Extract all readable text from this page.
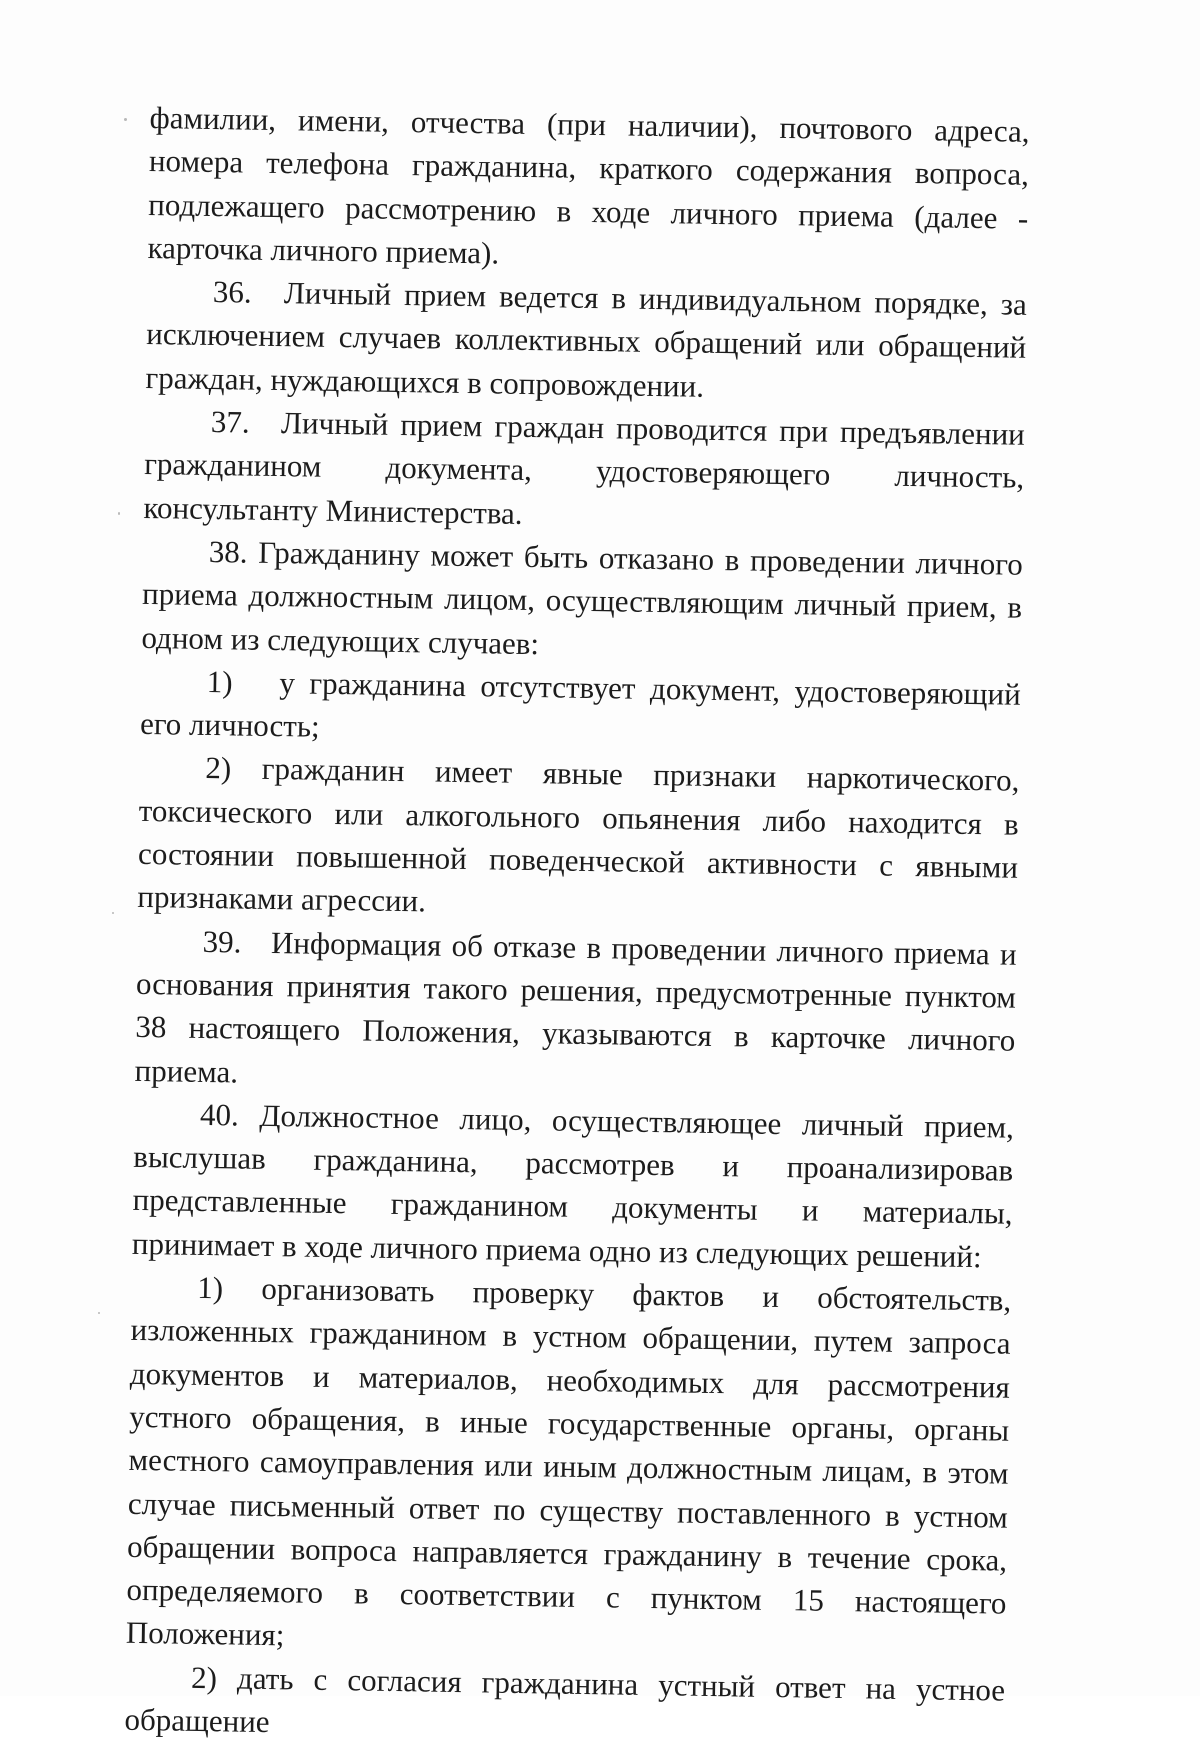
фамилии, имени, отчества (при наличии), почтового адреса, номера телефона гражданина, краткого содержания вопроса, подлежащего рассмотрению в ходе личного приема (далее - карточка личного приема).

36. Личный прием ведется в индивидуальном порядке, за исключением случаев коллективных обращений или обращений граждан, нуждающихся в сопровождении.

37. Личный прием граждан проводится при предъявлении гражданином документа, удостоверяющего личность, консультанту Министерства.

38. Гражданину может быть отказано в проведении личного приема должностным лицом, осуществляющим личный прием, в одном из следующих случаев:

1) у гражданина отсутствует документ, удостоверяющий его личность;

2) гражданин имеет явные признаки наркотического, токсического или алкогольного опьянения либо находится в состоянии повышенной поведенческой активности с явными признаками агрессии.

39. Информация об отказе в проведении личного приема и основания принятия такого решения, предусмотренные пунктом 38 настоящего Положения, указываются в карточке личного приема.

40. Должностное лицо, осуществляющее личный прием, выслушав гражданина, рассмотрев и проанализировав представленные гражданином документы и материалы, принимает в ходе личного приема одно из следующих решений:

1) организовать проверку фактов и обстоятельств, изложенных гражданином в устном обращении, путем запроса документов и материалов, необходимых для рассмотрения устного обращения, в иные государственные органы, органы местного самоуправления или иным должностным лицам, в этом случае письменный ответ по существу поставленного в устном обращении вопроса направляется гражданину в течение срока, определяемого в соответствии с пунктом 15 настоящего Положения;

2) дать с согласия гражданина устный ответ на устное обращение
